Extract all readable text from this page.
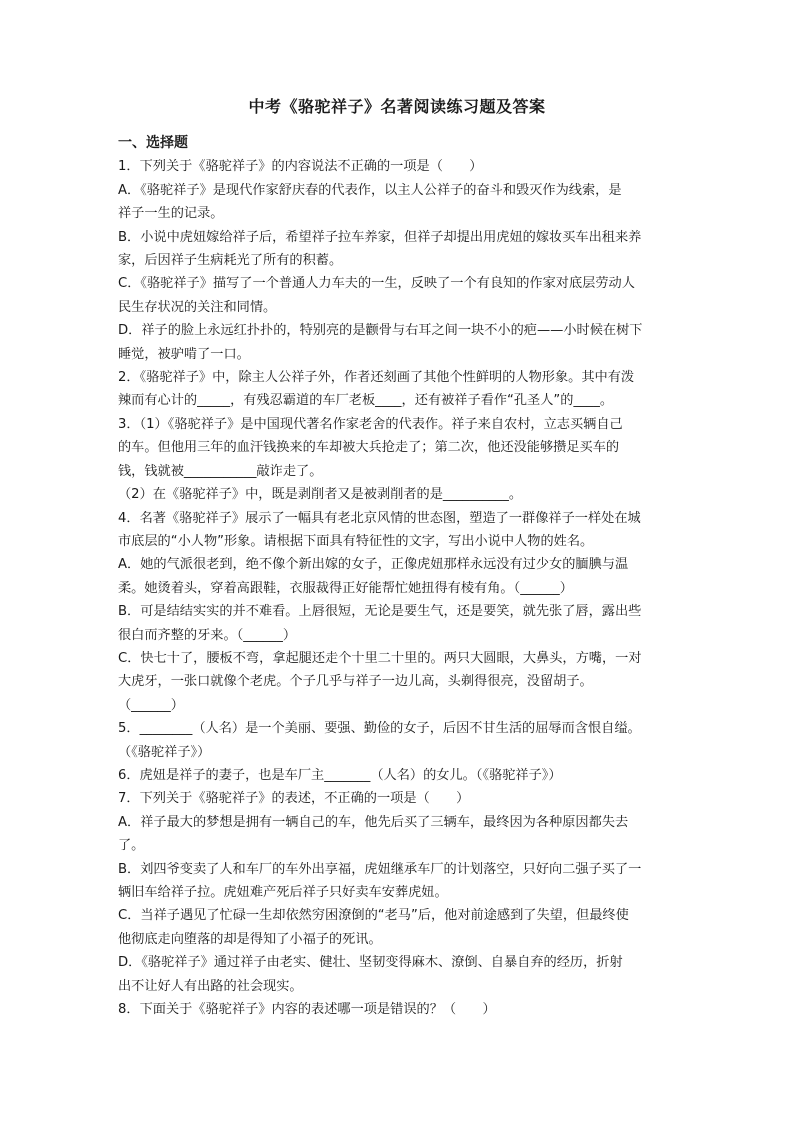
中考《骆驼祥子》名著阅读练习题及答案
一、选择题
1．下列关于《骆驼祥子》的内容说法不正确的一项是（　　）
A．《骆驼祥子》是现代作家舒庆春的代表作，以主人公祥子的奋斗和毁灭作为线索，是
祥子一生的记录。
B．小说中虎妞嫁给祥子后，希望祥子拉车养家，但祥子却提出用虎妞的嫁妆买车出租来养
家，后因祥子生病耗光了所有的积蓄。
C．《骆驼祥子》描写了一个普通人力车夫的一生，反映了一个有良知的作家对底层劳动人
民生存状况的关注和同情。
D．祥子的脸上永远红扑扑的，特别亮的是颧骨与右耳之间一块不小的疤——小时候在树下
睡觉，被驴啃了一口。
2．《骆驼祥子》中，除主人公祥子外，作者还刻画了其他个性鲜明的人物形象。其中有泼
辣而有心计的_____，有残忍霸道的车厂老板____，还有被祥子看作“孔圣人”的____。
3．（1）《骆驼祥子》是中国现代著名作家老舍的代表作。祥子来自农村，立志买辆自己
的车。但他用三年的血汗钱换来的车却被大兵抢走了；第二次，他还没能够攒足买车的
钱，钱就被___________敲诈走了。
（2）在《骆驼祥子》中，既是剥削者又是被剥削者的是__________。
4．名著《骆驼祥子》展示了一幅具有老北京风情的世态图，塑造了一群像祥子一样处在城
市底层的“小人物”形象。请根据下面具有特征性的文字，写出小说中人物的姓名。
A．她的气派很老到，绝不像个新出嫁的女子，正像虎妞那样永远没有过少女的腼腆与温
柔。她烫着头，穿着高跟鞋，衣服裁得正好能帮忙她扭得有棱有角。（______）
B．可是结结实实的并不难看。上唇很短，无论是要生气，还是要笑，就先张了唇，露出些
很白而齐整的牙来。（______）
C．快七十了，腰板不弯，拿起腿还走个十里二十里的。两只大圆眼，大鼻头，方嘴，一对
大虎牙，一张口就像个老虎。个子几乎与祥子一边儿高，头剃得很亮，没留胡子。
（______）
5．________（人名）是一个美丽、要强、勤俭的女子，后因不甘生活的屈辱而含恨自缢。
（《骆驼祥子》）
6．虎妞是祥子的妻子，也是车厂主_______（人名）的女儿。（《骆驼祥子》）
7．下列关于《骆驼祥子》的表述，不正确的一项是（　　）
A．祥子最大的梦想是拥有一辆自己的车，他先后买了三辆车，最终因为各种原因都失去
了。
B．刘四爷变卖了人和车厂的车外出享福，虎妞继承车厂的计划落空，只好向二强子买了一
辆旧车给祥子拉。虎妞难产死后祥子只好卖车安葬虎妞。
C．当祥子遇见了忙碌一生却依然穷困潦倒的“老马”后，他对前途感到了失望，但最终使
他彻底走向堕落的却是得知了小福子的死讯。
D．《骆驼祥子》通过祥子由老实、健壮、坚韧变得麻木、潦倒、自暴自弃的经历，折射
出不让好人有出路的社会现实。
8．下面关于《骆驼祥子》内容的表述哪一项是错误的？（　　）
